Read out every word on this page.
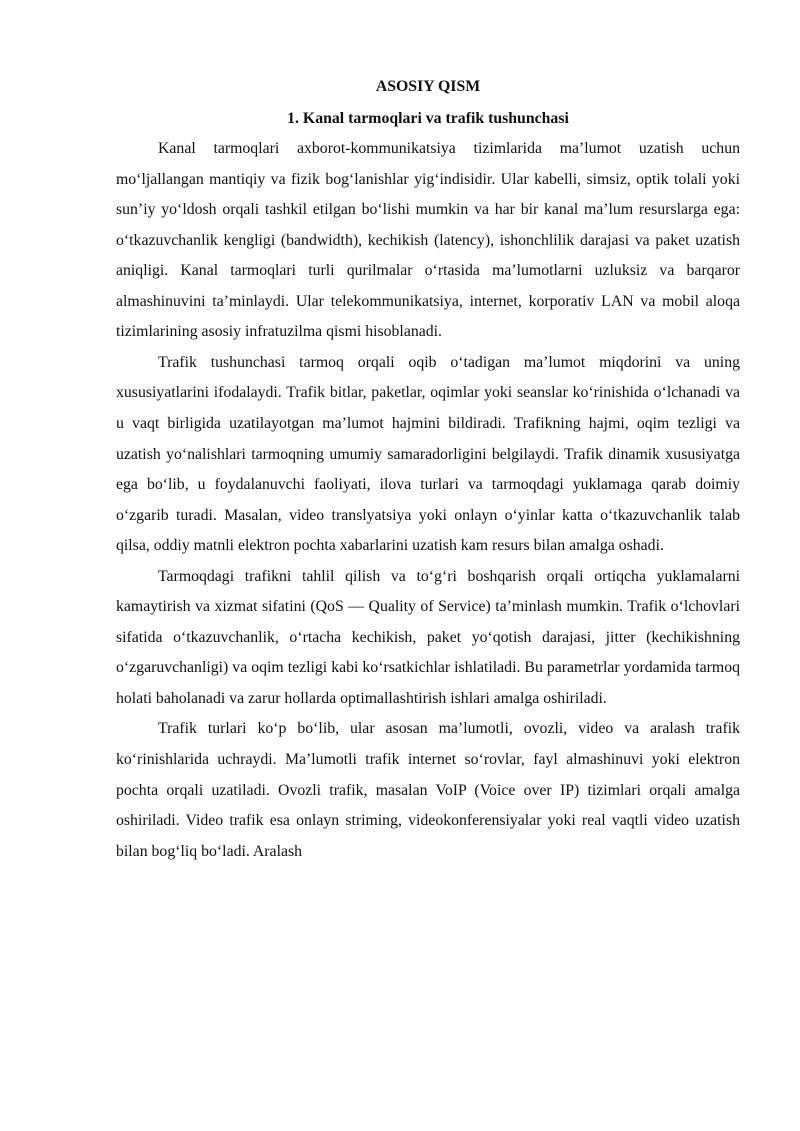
ASOSIY QISM

1. Kanal tarmoqlari va trafik tushunchasi

Kanal tarmoqlari axborot-kommunikatsiya tizimlarida ma’lumot uzatish uchun mo‘ljallangan mantiqiy va fizik bog‘lanishlar yig‘indisidir. Ular kabelli, simsiz, optik tolali yoki sun’iy yo‘ldosh orqali tashkil etilgan bo‘lishi mumkin va har bir kanal ma’lum resurslarga ega: o‘tkazuvchanlik kengligi (bandwidth), kechikish (latency), ishonchlilik darajasi va paket uzatish aniqligi. Kanal tarmoqlari turli qurilmalar o‘rtasida ma’lumotlarni uzluksiz va barqaror almashinuvini ta’minlaydi. Ular telekommunikatsiya, internet, korporativ LAN va mobil aloqa tizimlarining asosiy infratuzilma qismi hisoblanadi.

Trafik tushunchasi tarmoq orqali oqib o‘tadigan ma’lumot miqdorini va uning xususiyatlarini ifodalaydi. Trafik bitlar, paketlar, oqimlar yoki seanslar ko‘rinishida o‘lchanadi va u vaqt birligida uzatilayotgan ma’lumot hajmini bildiradi. Trafikning hajmi, oqim tezligi va uzatish yo‘nalishlari tarmoqning umumiy samaradorligini belgilaydi. Trafik dinamik xususiyatga ega bo‘lib, u foydalanuvchi faoliyati, ilova turlari va tarmoqdagi yuklamaga qarab doimiy o‘zgarib turadi. Masalan, video translyatsiya yoki onlayn o‘yinlar katta o‘tkazuvchanlik talab qilsa, oddiy matnli elektron pochta xabarlarini uzatish kam resurs bilan amalga oshadi.

Tarmoqdagi trafikni tahlil qilish va to‘g‘ri boshqarish orqali ortiqcha yuklamalarni kamaytirish va xizmat sifatini (QoS — Quality of Service) ta’minlash mumkin. Trafik o‘lchovlari sifatida o‘tkazuvchanlik, o‘rtacha kechikish, paket yo‘qotish darajasi, jitter (kechikishning o‘zgaruvchanligi) va oqim tezligi kabi ko‘rsatkichlar ishlatiladi. Bu parametrlar yordamida tarmoq holati baholanadi va zarur hollarda optimallashtirish ishlari amalga oshiriladi.

Trafik turlari ko‘p bo‘lib, ular asosan ma’lumotli, ovozli, video va aralash trafik ko‘rinishlarida uchraydi. Ma’lumotli trafik internet so‘rovlar, fayl almashinuvi yoki elektron pochta orqali uzatiladi. Ovozli trafik, masalan VoIP (Voice over IP) tizimlari orqali amalga oshiriladi. Video trafik esa onlayn striming, videokonferensiyalar yoki real vaqtli video uzatish bilan bog‘liq bo‘ladi. Aralash
